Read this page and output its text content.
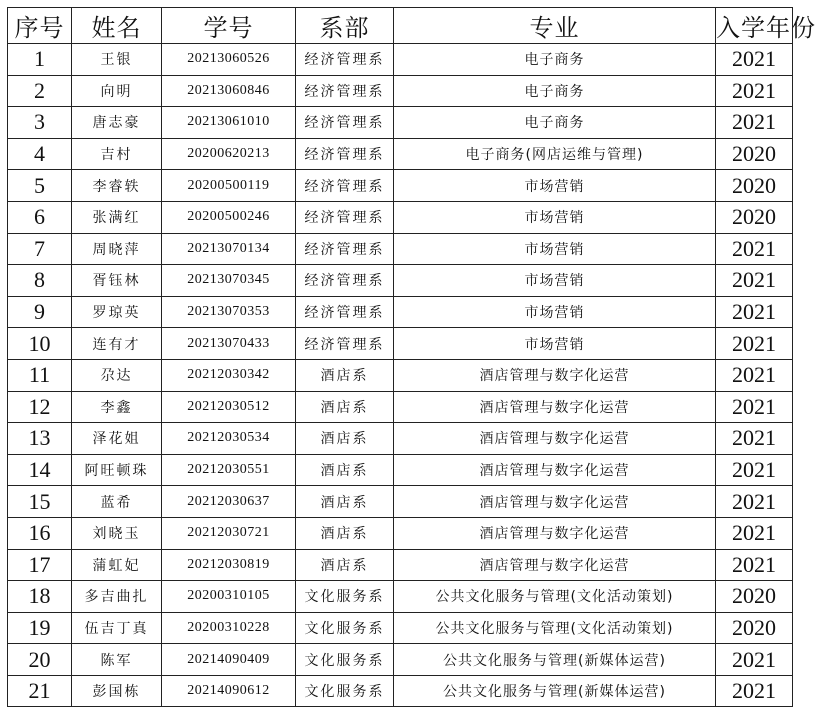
序号	姓名	学号	系部	专业	入学年份
1	王银	20213060526	经济管理系	电子商务	2021
2	向明	20213060846	经济管理系	电子商务	2021
3	唐志豪	20213061010	经济管理系	电子商务	2021
4	吉村	20200620213	经济管理系	电子商务(网店运维与管理)	2020
5	李睿轶	20200500119	经济管理系	市场营销	2020
6	张满红	20200500246	经济管理系	市场营销	2020
7	周晓萍	20213070134	经济管理系	市场营销	2021
8	胥钰林	20213070345	经济管理系	市场营销	2021
9	罗琼英	20213070353	经济管理系	市场营销	2021
10	连有才	20213070433	经济管理系	市场营销	2021
11	尕达	20212030342	酒店系	酒店管理与数字化运营	2021
12	李鑫	20212030512	酒店系	酒店管理与数字化运营	2021
13	泽花姐	20212030534	酒店系	酒店管理与数字化运营	2021
14	阿旺顿珠	20212030551	酒店系	酒店管理与数字化运营	2021
15	蓝希	20212030637	酒店系	酒店管理与数字化运营	2021
16	刘晓玉	20212030721	酒店系	酒店管理与数字化运营	2021
17	蒲虹妃	20212030819	酒店系	酒店管理与数字化运营	2021
18	多吉曲扎	20200310105	文化服务系	公共文化服务与管理(文化活动策划)	2020
19	伍吉丁真	20200310228	文化服务系	公共文化服务与管理(文化活动策划)	2020
20	陈军	20214090409	文化服务系	公共文化服务与管理(新媒体运营)	2021
21	彭国栋	20214090612	文化服务系	公共文化服务与管理(新媒体运营)	2021
